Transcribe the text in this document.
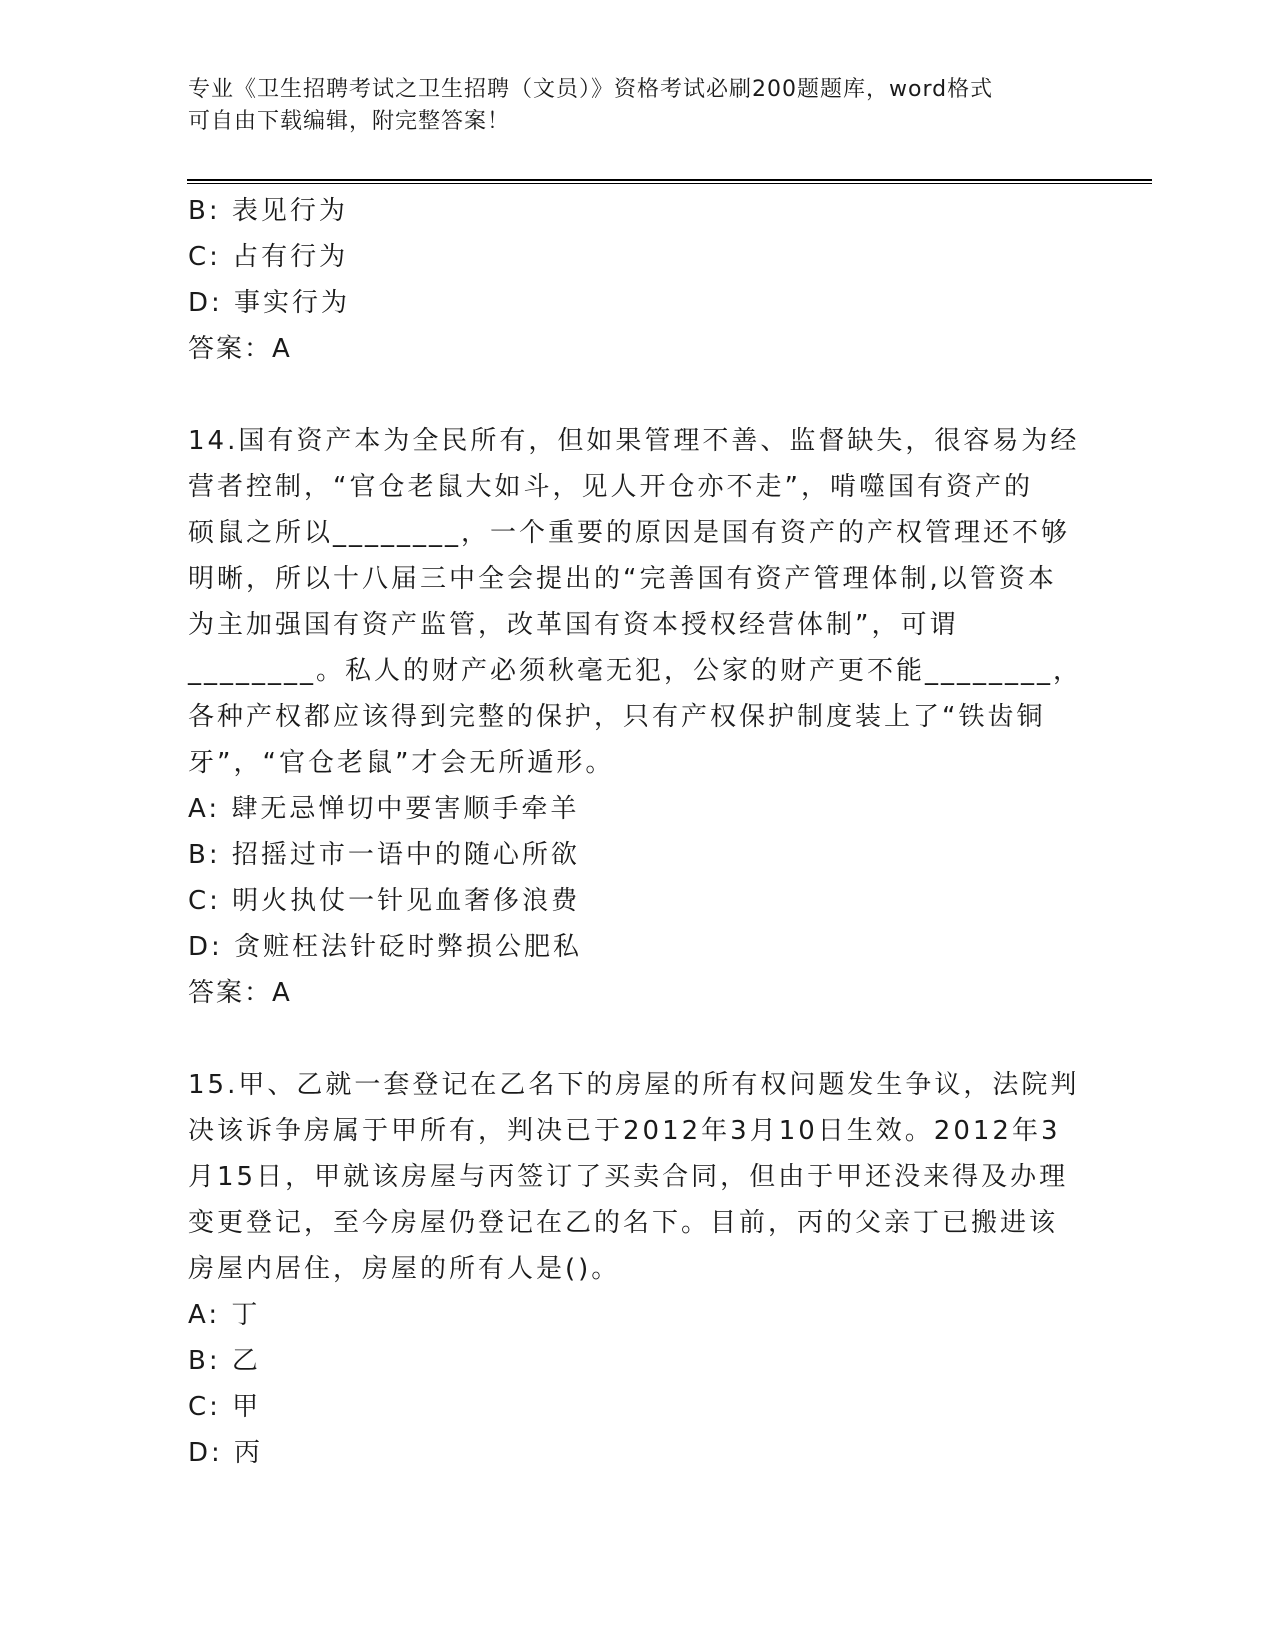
专业《卫生招聘考试之卫生招聘（文员）》资格考试必刷200题题库，word格式
可自由下载编辑，附完整答案！
B: 表见行为
C: 占有行为
D: 事实行为
答案：A
14.国有资产本为全民所有，但如果管理不善、监督缺失，很容易为经
营者控制，“官仓老鼠大如斗，见人开仓亦不走”，啃噬国有资产的
硕鼠之所以________，一个重要的原因是国有资产的产权管理还不够
明晰，所以十八届三中全会提出的“完善国有资产管理体制,以管资本
为主加强国有资产监管，改革国有资本授权经营体制”，可谓
________。私人的财产必须秋毫无犯，公家的财产更不能________，
各种产权都应该得到完整的保护，只有产权保护制度装上了“铁齿铜
牙”，“官仓老鼠”才会无所遁形。
A: 肆无忌惮切中要害顺手牵羊
B: 招摇过市一语中的随心所欲
C: 明火执仗一针见血奢侈浪费
D: 贪赃枉法针砭时弊损公肥私
答案：A
15.甲、乙就一套登记在乙名下的房屋的所有权问题发生争议，法院判
决该诉争房属于甲所有，判决已于2012年3月10日生效。2012年3
月15日，甲就该房屋与丙签订了买卖合同，但由于甲还没来得及办理
变更登记，至今房屋仍登记在乙的名下。目前，丙的父亲丁已搬进该
房屋内居住，房屋的所有人是()。
A: 丁
B: 乙
C: 甲
D: 丙
